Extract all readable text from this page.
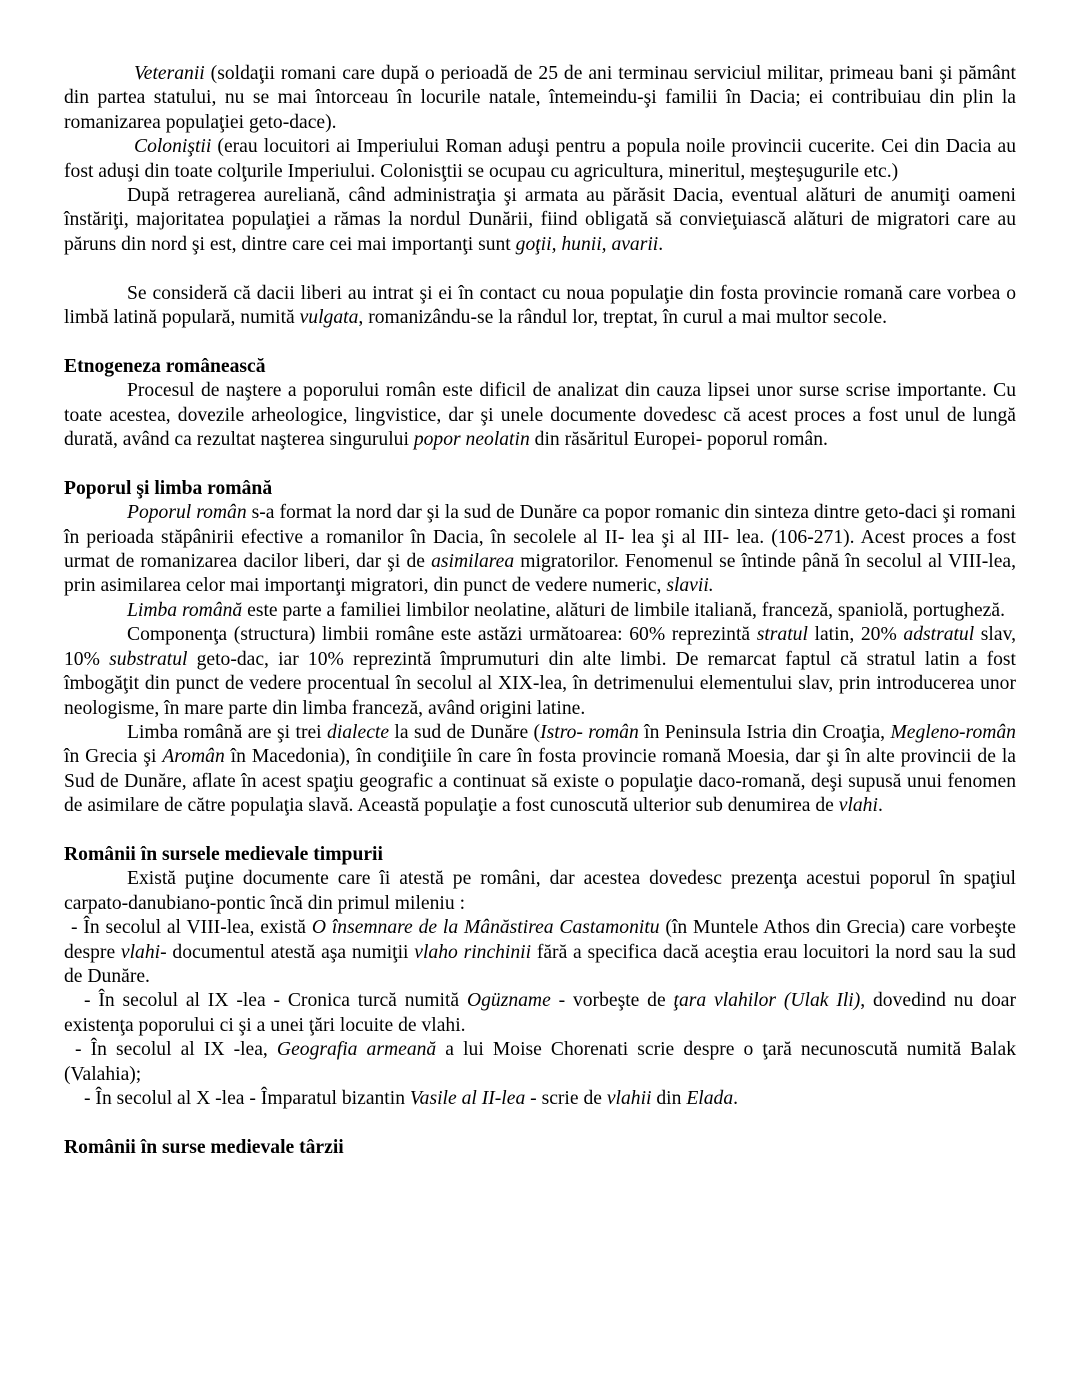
Veteranii (soldaţii romani care după o perioadă de 25 de ani terminau serviciul militar, primeau bani şi pământ din partea statului, nu se mai întorceau în locurile natale, întemeindu-şi familii în Dacia; ei contribuiau din plin la romanizarea populaţiei geto-dace).

Coloniştii (erau locuitori ai Imperiului Roman aduşi pentru a popula noile provincii cucerite. Cei din Dacia au fost aduşi din toate colţurile Imperiului. Colonisţtii se ocupau cu agricultura, mineritul, meşteşugurile etc.)

După retragerea aureliană, când administraţia şi armata au părăsit Dacia, eventual alături de anumiţi oameni înstăriţi, majoritatea populaţiei a rămas la nordul Dunării, fiind obligată să convieţuiască alături de migratori care au păruns din nord şi est, dintre care cei mai importanţi sunt goţii, hunii, avarii.

Se consideră că dacii liberi au intrat şi ei în contact cu noua populaţie din fosta provincie romană care vorbea o limbă latină populară, numită vulgata, romanizându-se la rândul lor, treptat, în curul a mai multor secole.

Etnogeneza românească

Procesul de naştere a poporului român este dificil de analizat din cauza lipsei unor surse scrise importante. Cu toate acestea, dovezile arheologice, lingvistice, dar şi unele documente dovedesc că acest proces a fost unul de lungă durată, având ca rezultat naşterea singurului popor neolatin din răsăritul Europei- poporul român.

Poporul şi limba română

Poporul român s-a format la nord dar şi la sud de Dunăre ca popor romanic din sinteza dintre geto-daci şi romani în perioada stăpânirii efective a romanilor în Dacia, în secolele al II- lea şi al III- lea. (106-271). Acest proces a fost urmat de romanizarea dacilor liberi, dar şi de asimilarea migratorilor. Fenomenul se întinde până în secolul al VIII-lea, prin asimilarea celor mai importanţi migratori, din punct de vedere numeric, slavii.

Limba română este parte a familiei limbilor neolatine, alături de limbile italiană, franceză, spaniolă, portugheză.

Componenţa (structura) limbii române este astăzi următoarea: 60% reprezintă stratul latin, 20% adstratul slav, 10% substratul geto-dac, iar 10% reprezintă împrumuturi din alte limbi. De remarcat faptul că stratul latin a fost îmbogăţit din punct de vedere procentual în secolul al XIX-lea, în detrimenului elementului slav, prin introducerea unor neologisme, în mare parte din limba franceză, având origini latine.

Limba română are şi trei dialecte la sud de Dunăre (Istro- român în Peninsula Istria din Croaţia, Megleno-român în Grecia şi Aromân în Macedonia), în condiţiile în care în fosta provincie romană Moesia, dar şi în alte provincii de la Sud de Dunăre, aflate în acest spaţiu geografic a continuat să existe o populaţie daco-romană, deşi supusă unui fenomen de asimilare de către populaţia slavă. Această populaţie a fost cunoscută ulterior sub denumirea de vlahi.

Românii în sursele medievale timpurii

Există puţine documente care îi atestă pe români, dar acestea dovedesc prezenţa acestui poporul în spaţiul carpato-danubiano-pontic încă din primul mileniu :

- În secolul al VIII-lea, există O însemnare de la Mânăstirea Castamonitu (în Muntele Athos din Grecia) care vorbeşte despre vlahi- documentul atestă aşa numiţii vlaho rinchinii fără a specifica dacă aceştia erau locuitori la nord sau la sud de Dunăre.

- În secolul al IX -lea - Cronica turcă numită Ogüzname - vorbeşte de ţara vlahilor (Ulak Ili), dovedind nu doar existenţa poporului ci şi a unei ţări locuite de vlahi.

- În secolul al IX -lea, Geografia armeană a lui Moise Chorenati scrie despre o ţară necunoscută numită Balak (Valahia);

- În secolul al X -lea - Împaratul bizantin Vasile al II-lea - scrie de vlahii din Elada.

Românii în surse medievale târzii
